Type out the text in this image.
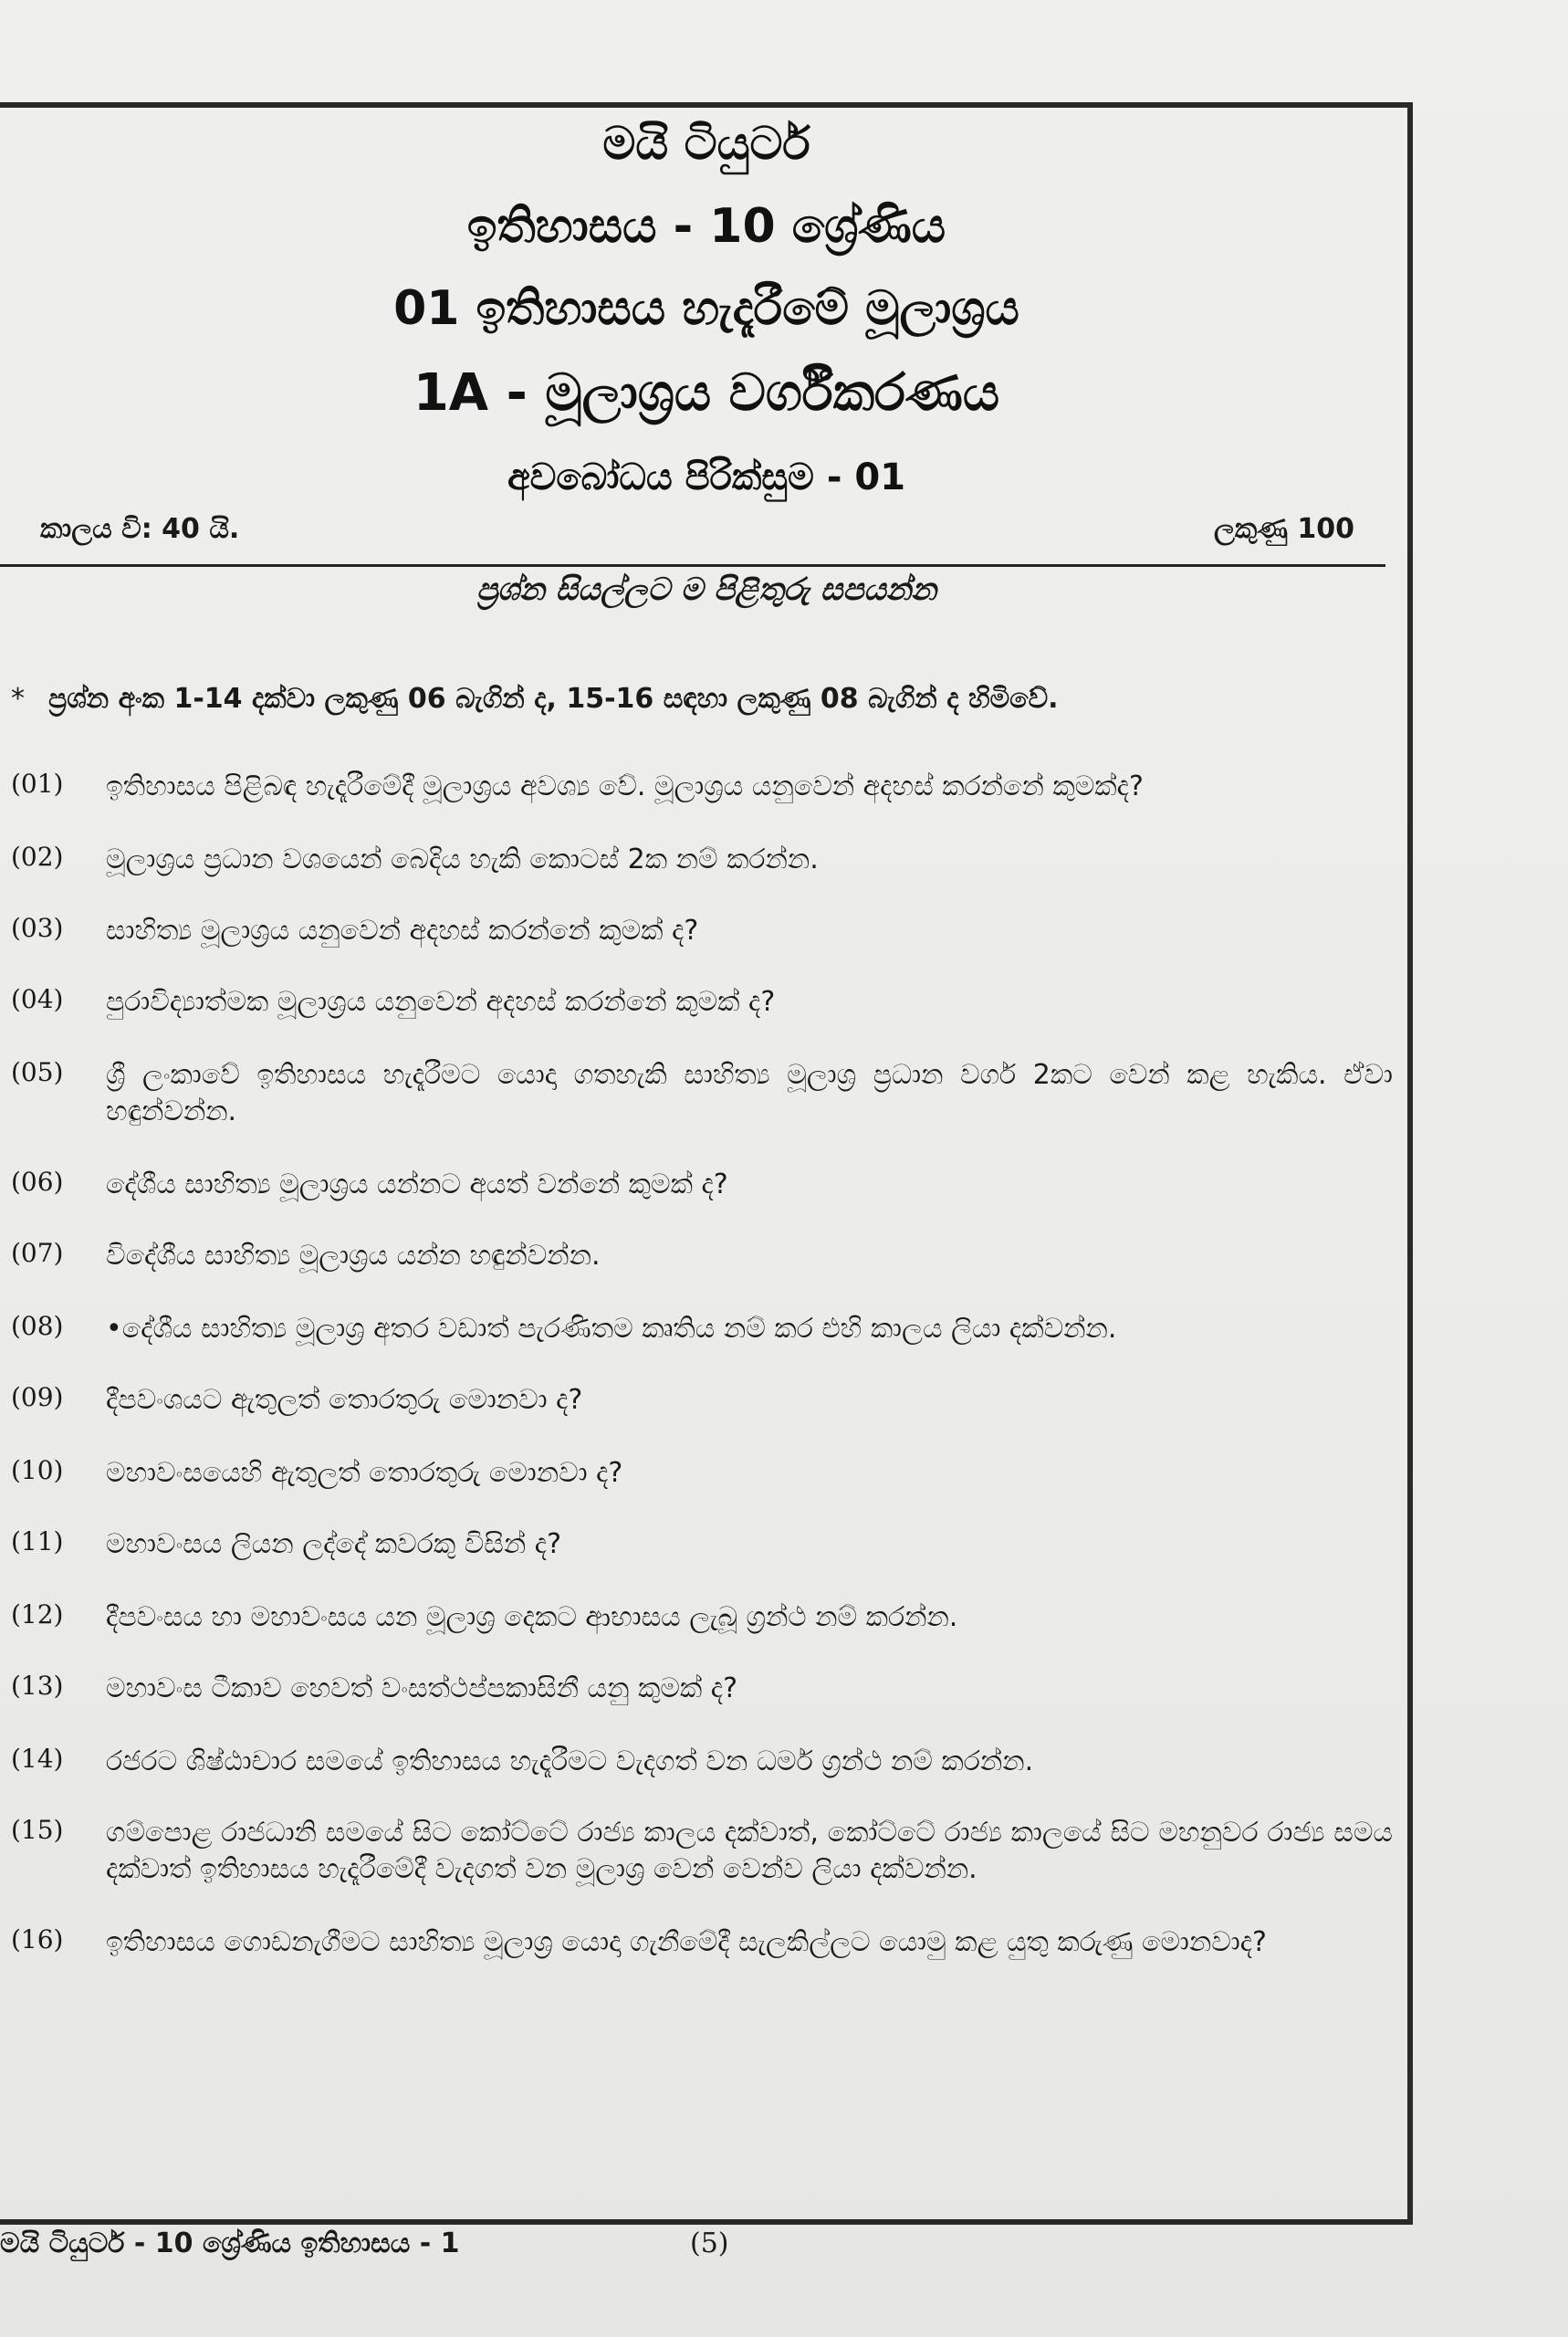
මයි ටියුටර්
ඉතිහාසය - 10 ශ්‍රේණිය
01 ඉතිහාසය හැදෑරීමේ මූලාශ්‍රය
1A - මූලාශ්‍රය වර්ගීකරණය
අවබෝධය පිරික්සුම - 01
කාලය වි: 40 යි.	ලකුණු 100
ප්‍රශ්න සියල්ලට ම පිළිතුරු සපයන්න
* ප්‍රශ්න අංක 1-14 දක්වා ලකුණු 06 බැගින් ද, 15-16 සඳහා ලකුණු 08 බැගින් ද හිමිවේ.
(01) ඉතිහාසය පිළිබඳ හැදෑරීමේදී මූලාශ්‍රය අවශ්‍ය වේ. මූලාශ්‍රය යනුවෙන් අදහස් කරන්නේ කුමක්ද?
(02) මූලාශ්‍රය ප්‍රධාන වශයෙන් බෙදිය හැකි කොටස් 2ක නම් කරන්න.
(03) සාහිත්‍ය මූලාශ්‍රය යනුවෙන් අදහස් කරන්නේ කුමක් ද?
(04) පුරාවිද්‍යාත්මක මූලාශ්‍රය යනුවෙන් අදහස් කරන්නේ කුමක් ද?
(05) ශ්‍රී ලංකාවේ ඉතිහාසය හැදෑරීමට යොදා ගතහැකි සාහිත්‍ය මූලාශ්‍ර ප්‍රධාන වර්ග 2කට වෙන් කළ හැකිය. ඒවා හඳුන්වන්න.
(06) දේශීය සාහිත්‍ය මූලාශ්‍රය යන්නට අයත් වන්නේ කුමක් ද?
(07) විදේශීය සාහිත්‍ය මූලාශ්‍රය යන්න හඳුන්වන්න.
(08) •දේශීය සාහිත්‍ය මූලාශ්‍ර අතර වඩාත් පැරණිතම කෘතිය නම් කර එහි කාලය ලියා දක්වන්න.
(09) දීපවංශයට ඇතුලත් තොරතුරු මොනවා ද?
(10) මහාවංසයෙහි ඇතුලත් තොරතුරු මොනවා ද?
(11) මහාවංසය ලියන ලද්දේ කවරකු විසින් ද?
(12) දීපවංසය හා මහාවංසය යන මූලාශ්‍ර දෙකට ආභාසය ලැබූ ග්‍රන්ථ නම් කරන්න.
(13) මහාවංස ටීකාව හෙවත් වංසත්ථප්පකාසිනී යනු කුමක් ද?
(14) රජරට ශිෂ්ඨාචාර සමයේ ඉතිහාසය හැදෑරීමට වැදගත් වන ධර්ම ග්‍රන්ථ නම් කරන්න.
(15) ගම්පොළ රාජධානි සමයේ සිට කෝට්ටේ රාජ්‍ය කාලය දක්වාත්, කෝට්ටේ රාජ්‍ය කාලයේ සිට මහනුවර රාජ්‍ය සමය දක්වාත් ඉතිහාසය හැදෑරීමේදී වැදගත් වන මූලාශ්‍ර වෙන් වෙන්ව ලියා දක්වන්න.
(16) ඉතිහාසය ගොඩනැගීමට සාහිත්‍ය මූලාශ්‍ර යොදා ගැනීමේදී සැලකිල්ලට යොමු කළ යුතු කරුණු මොනවාද?
මයි ටියුටර් - 10 ශ්‍රේණිය ඉතිහාසය - 1	(5)
